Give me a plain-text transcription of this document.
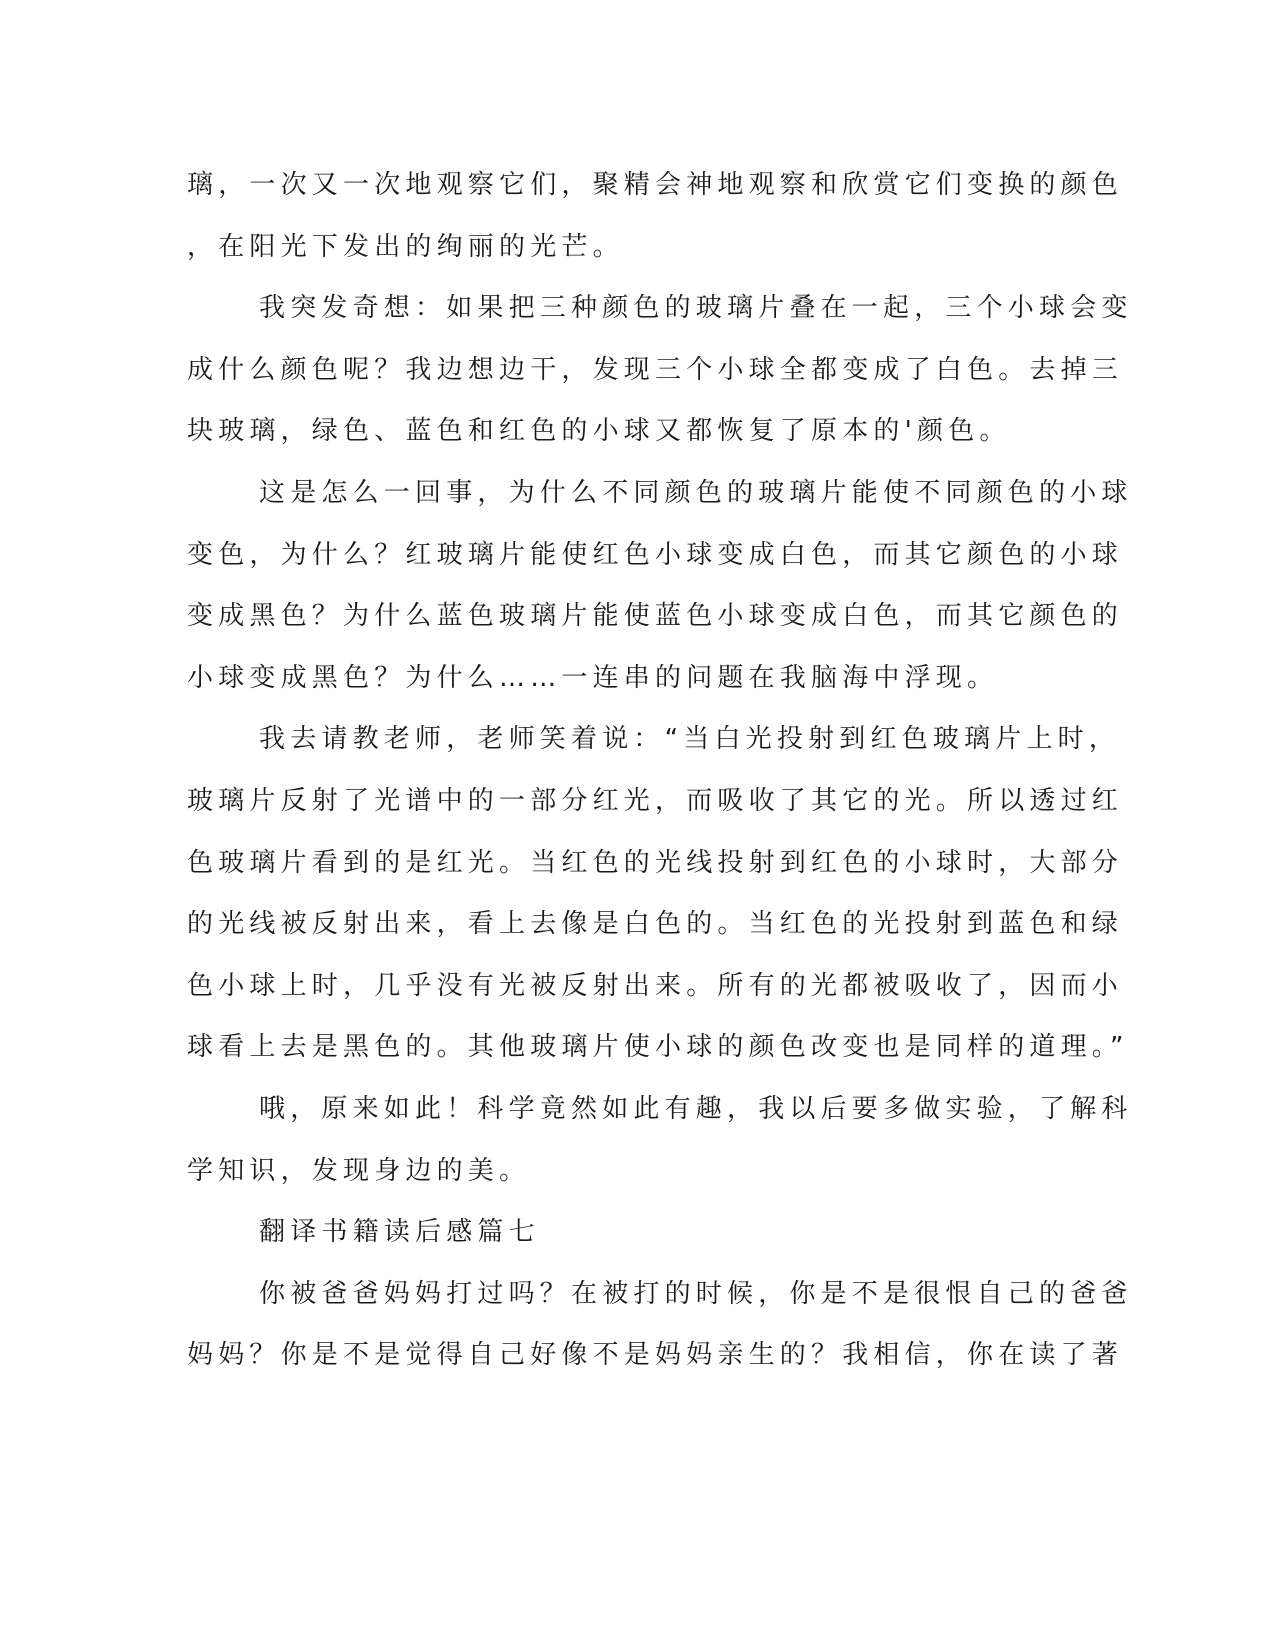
璃，一次又一次地观察它们，聚精会神地观察和欣赏它们变换的颜色

，在阳光下发出的绚丽的光芒。

我突发奇想：如果把三种颜色的玻璃片叠在一起，三个小球会变

成什么颜色呢？我边想边干，发现三个小球全都变成了白色。去掉三

块玻璃，绿色、蓝色和红色的小球又都恢复了原本的'颜色。

这是怎么一回事，为什么不同颜色的玻璃片能使不同颜色的小球

变色，为什么？红玻璃片能使红色小球变成白色，而其它颜色的小球

变成黑色？为什么蓝色玻璃片能使蓝色小球变成白色，而其它颜色的

小球变成黑色？为什么……一连串的问题在我脑海中浮现。

我去请教老师，老师笑着说：“当白光投射到红色玻璃片上时，

玻璃片反射了光谱中的一部分红光，而吸收了其它的光。所以透过红

色玻璃片看到的是红光。当红色的光线投射到红色的小球时，大部分

的光线被反射出来，看上去像是白色的。当红色的光投射到蓝色和绿

色小球上时，几乎没有光被反射出来。所有的光都被吸收了，因而小

球看上去是黑色的。其他玻璃片使小球的颜色改变也是同样的道理。”

哦，原来如此！科学竟然如此有趣，我以后要多做实验，了解科

学知识，发现身边的美。

翻译书籍读后感篇七

你被爸爸妈妈打过吗？在被打的时候，你是不是很恨自己的爸爸

妈妈？你是不是觉得自己好像不是妈妈亲生的？我相信，你在读了著
